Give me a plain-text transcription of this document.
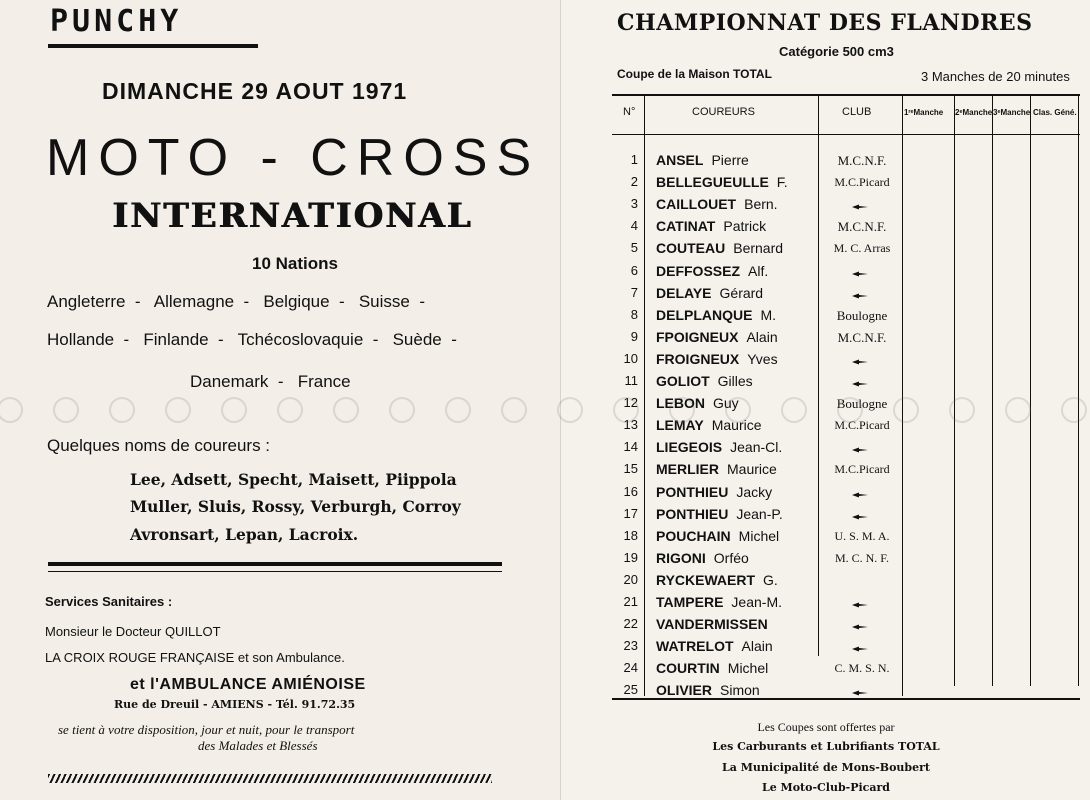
PUNCHY
DIMANCHE 29 AOUT 1971
MOTO - CROSS
INTERNATIONAL
10 Nations
Angleterre  -   Allemagne  -   Belgique  -   Suisse  -
Hollande  -   Finlande  -   Tchécoslovaquie  -   Suède  -
Danemark  -   France
Quelques noms de coureurs :
Lee, Adsett, Specht, Maisett, Piippola
Muller, Sluis, Rossy, Verburgh, Corroy
Avronsart, Lepan, Lacroix.
Services Sanitaires :
Monsieur le Docteur QUILLOT
LA CROIX ROUGE FRANÇAISE et son Ambulance.
et l'AMBULANCE AMIÉNOISE
Rue de Dreuil - AMIENS - Tél. 91.72.35
se tient à votre disposition, jour et nuit, pour le transport
des Malades et Blessés
CHAMPIONNAT DES FLANDRES
Catégorie 500 cm3
Coupe de la Maison TOTAL	3 Manches de 20 minutes
N°	COUREURS	CLUB	1ʳᵉManche 2ᵉManche 3ᵉManche Clas. Géné.
1 ANSEL Pierre	M.C.N.F.
2 BELLEGUEULLE F.	M.C.Picard
3 CAILLOUET Bern.
4 CATINAT Patrick	M.C.N.F.
5 COUTEAU Bernard	M. C. Arras
6 DEFFOSSEZ Alf.
7 DELAYE Gérard
8 DELPLANQUE M.	Boulogne
9 FPOIGNEUX Alain	M.C.N.F.
10 FROIGNEUX Yves
11 GOLIOT Gilles
12 LEBON Guy	Boulogne
13 LEMAY Maurice	M.C.Picard
14 LIEGEOIS Jean-Cl.
15 MERLIER Maurice	M.C.Picard
16 PONTHIEU Jacky
17 PONTHIEU Jean-P.
18 POUCHAIN Michel	U. S. M. A.
19 RIGONI Orféo	M. C. N. F.
20 RYCKEWAERT G.
21 TAMPERE Jean-M.
22 VANDERMISSEN
23 WATRELOT Alain
24 COURTIN Michel	C. M. S. N.
25 OLIVIER Simon
Les Coupes sont offertes par
Les Carburants et Lubrifiants TOTAL
La Municipalité de Mons-Boubert
Le Moto-Club-Picard
